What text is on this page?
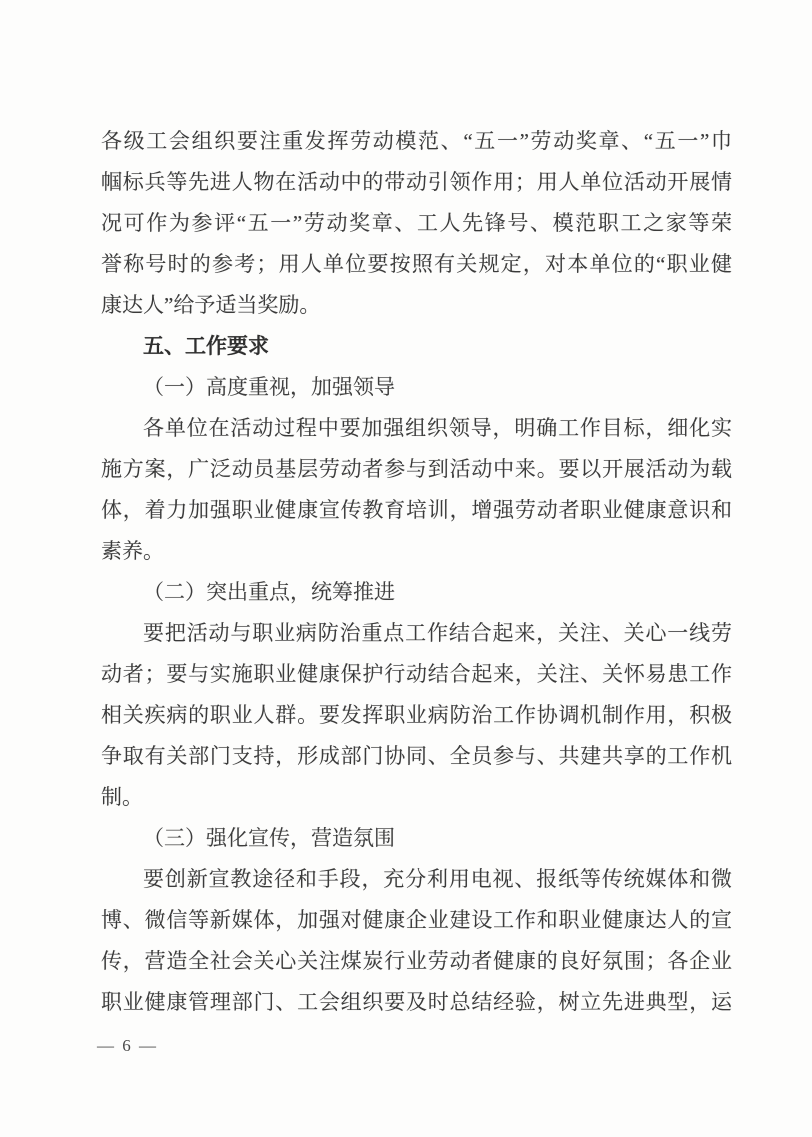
各级工会组织要注重发挥劳动模范、“五一”劳动奖章、“五一”巾
帼标兵等先进人物在活动中的带动引领作用；用人单位活动开展情
况可作为参评“五一”劳动奖章、工人先锋号、模范职工之家等荣
誉称号时的参考；用人单位要按照有关规定，对本单位的“职业健
康达人”给予适当奖励。
五、工作要求
（一）高度重视，加强领导
各单位在活动过程中要加强组织领导，明确工作目标，细化实
施方案，广泛动员基层劳动者参与到活动中来。要以开展活动为载
体，着力加强职业健康宣传教育培训，增强劳动者职业健康意识和
素养。
（二）突出重点，统筹推进
要把活动与职业病防治重点工作结合起来，关注、关心一线劳
动者；要与实施职业健康保护行动结合起来，关注、关怀易患工作
相关疾病的职业人群。要发挥职业病防治工作协调机制作用，积极
争取有关部门支持，形成部门协同、全员参与、共建共享的工作机
制。
（三）强化宣传，营造氛围
要创新宣教途径和手段，充分利用电视、报纸等传统媒体和微
博、微信等新媒体，加强对健康企业建设工作和职业健康达人的宣
传，营造全社会关心关注煤炭行业劳动者健康的良好氛围；各企业
职业健康管理部门、工会组织要及时总结经验，树立先进典型，运
— 6 —
